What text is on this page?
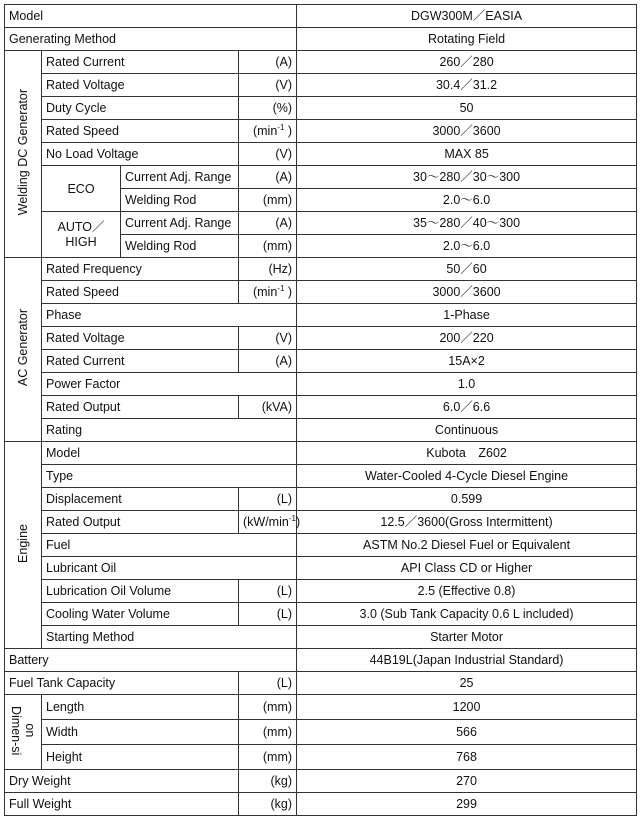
Model				DGW300M／EASIA
Generating Method				Rotating Field
Welding DC Generator	Rated Current		(A)	260／280
	Rated Voltage		(V)	30.4／31.2
	Duty Cycle		(%)	50
	Rated Speed		($\min^{-1}$ )	3000／3600
	No Load Voltage		(V)	MAX 85
	ECO	Current Adj. Range	(A)	30～280／30～300
		Welding Rod	(mm)	2.0～6.0
	AUTO／
HIGH	Current Adj. Range	(A)	35～280／40～300
		Welding Rod	(mm)	2.0～6.0
AC Generator	Rated Frequency		(Hz)	50／60
	Rated Speed		($\min^{-1}$ )	3000／3600
	Phase			1-Phase
	Rated Voltage		(V)	200／220
	Rated Current		(A)	15A×2
	Power Factor			1.0
	Rated Output		(kVA)	6.0／6.6
	Rating			Continuous
Engine	Model			Kubota　Z602
	Type			Water-Cooled 4-Cycle Diesel Engine
	Displacement		(L)	0.599
	Rated Output		$(kW/\min^{-1})$	12.5／3600(Gross Intermittent)
	Fuel			ASTM No.2 Diesel Fuel or Equivalent
	Lubricant Oil			API Class CD or Higher
	Lubrication Oil Volume		(L)	2.5 (Effective 0.8)
	Cooling Water Volume		(L)	3.0 (Sub Tank Capacity 0.6 L included)
	Starting Method			Starter Motor
Battery				44B19L(Japan Industrial Standard)
Fuel Tank Capacity			(L)	25
Dimen-si
on	Length		(mm)	1200
	Width		(mm)	566
	Height		(mm)	768
Dry Weight			(kg)	270
Full Weight			(kg)	299
